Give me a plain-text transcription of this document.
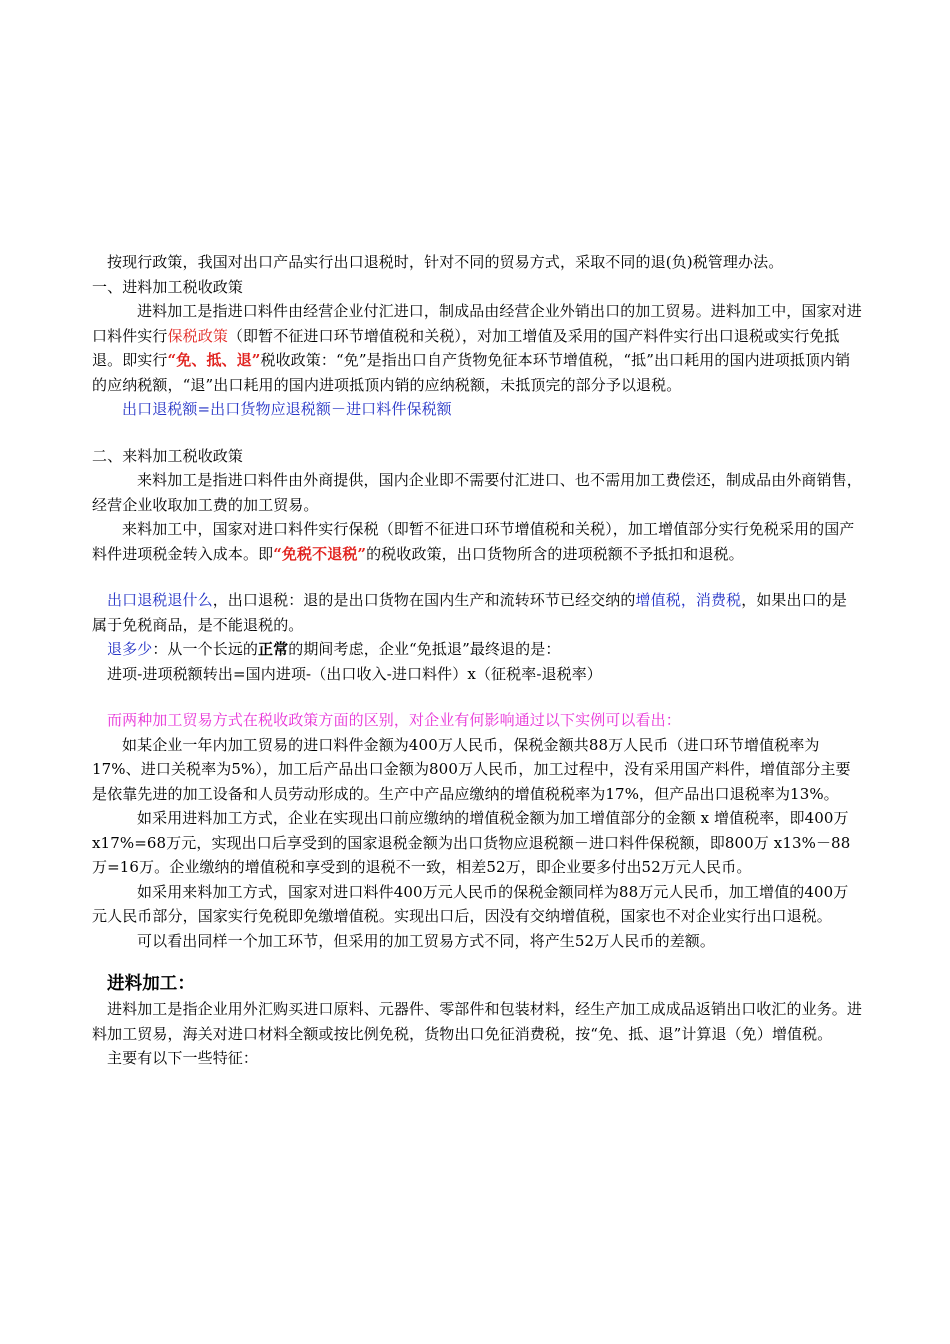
按现行政策，我国对出口产品实行出口退税时，针对不同的贸易方式，采取不同的退(负)税管理办法。

一、进料加工税收政策

进料加工是指进口料件由经营企业付汇进口，制成品由经营企业外销出口的加工贸易。进料加工中，国家对进口料件实行保税政策（即暂不征进口环节增值税和关税），对加工增值及采用的国产料件实行出口退税或实行免抵退。即实行“免、抵、退”税收政策：“免”是指出口自产货物免征本环节增值税，“抵”出口耗用的国内进项抵顶内销的应纳税额，“退”出口耗用的国内进项抵顶内销的应纳税额，未抵顶完的部分予以退税。

出口退税额=出口货物应退税额－进口料件保税额

二、来料加工税收政策

来料加工是指进口料件由外商提供，国内企业即不需要付汇进口、也不需用加工费偿还，制成品由外商销售，经营企业收取加工费的加工贸易。

来料加工中，国家对进口料件实行保税（即暂不征进口环节增值税和关税），加工增值部分实行免税采用的国产料件进项税金转入成本。即“免税不退税”的税收政策，出口货物所含的进项税额不予抵扣和退税。

出口退税退什么，出口退税：退的是出口货物在国内生产和流转环节已经交纳的增值税，消费税，如果出口的是属于免税商品，是不能退税的。

退多少：从一个长远的正常的期间考虑，企业“免抵退”最终退的是：

进项-进项税额转出=国内进项-（出口收入-进口料件）x（征税率-退税率）

而两种加工贸易方式在税收政策方面的区别，对企业有何影响通过以下实例可以看出：

如某企业一年内加工贸易的进口料件金额为400万人民币，保税金额共88万人民币（进口环节增值税率为17%、进口关税率为5%），加工后产品出口金额为800万人民币，加工过程中，没有采用国产料件，增值部分主要是依靠先进的加工设备和人员劳动形成的。生产中产品应缴纳的增值税税率为17%，但产品出口退税率为13%。

如采用进料加工方式，企业在实现出口前应缴纳的增值税金额为加工增值部分的金额 x 增值税率，即400万 x17%=68万元，实现出口后享受到的国家退税金额为出口货物应退税额－进口料件保税额，即800万 x13%－88万=16万。企业缴纳的增值税和享受到的退税不一致，相差52万，即企业要多付出52万元人民币。

如采用来料加工方式，国家对进口料件400万元人民币的保税金额同样为88万元人民币，加工增值的400万元人民币部分，国家实行免税即免缴增值税。实现出口后，因没有交纳增值税，国家也不对企业实行出口退税。

可以看出同样一个加工环节，但采用的加工贸易方式不同，将产生52万人民币的差额。

进料加工：

进料加工是指企业用外汇购买进口原料、元器件、零部件和包装材料，经生产加工成成品返销出口收汇的业务。进料加工贸易，海关对进口材料全额或按比例免税，货物出口免征消费税，按“免、抵、退”计算退（免）增值税。

主要有以下一些特征：
